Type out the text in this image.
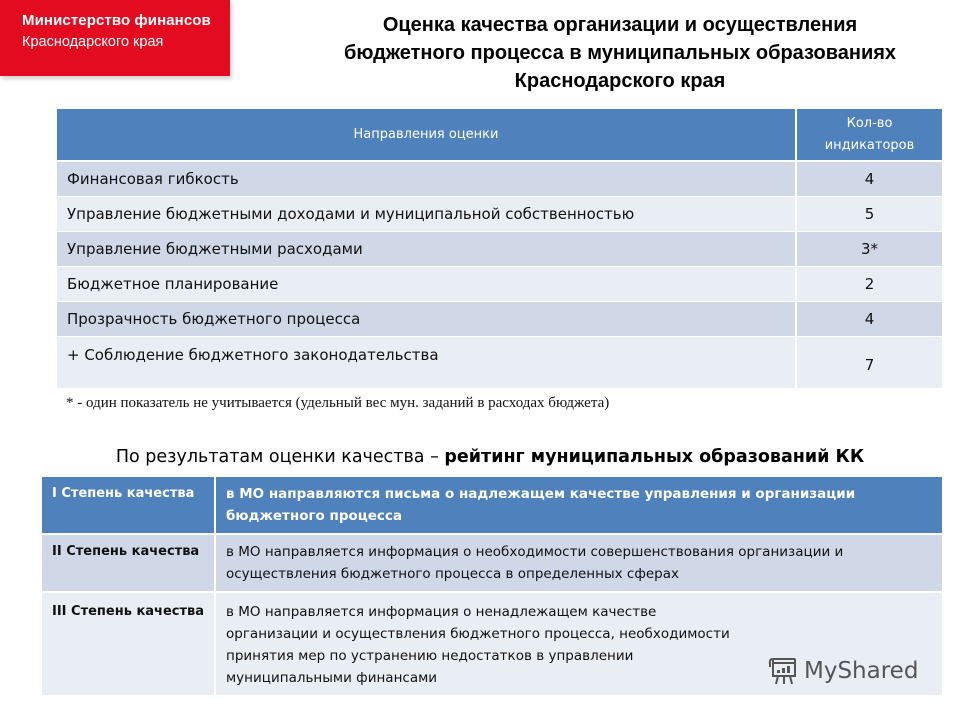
Министерство финансов
Краснодарского края
Оценка качества организации и осуществления
бюджетного процесса в муниципальных образованиях
Краснодарского края
Направления оценки	Кол-во
индикаторов

Финансовая гибкость	4
Управление бюджетными доходами и муниципальной собственностью	5
Управление бюджетными расходами	3*
Бюджетное планирование	2
Прозрачность бюджетного процесса	4
+ Соблюдение бюджетного законодательства	7
* - один показатель не учитывается (удельный вес мун. заданий в расходах бюджета)
По результатам оценки качества – рейтинг муниципальных образований КК
I Степень качества	в МО направляются письма о надлежащем качестве управления и организации бюджетного процесса
II Степень качества	в МО направляется информация о необходимости совершенствования организации и осуществления бюджетного процесса в определенных сферах
III Степень качества	в МО направляется информация о ненадлежащем качестве организации и осуществления бюджетного процесса, необходимости принятия мер по устранению недостатков в управлении муниципальными финансами	MyShared
